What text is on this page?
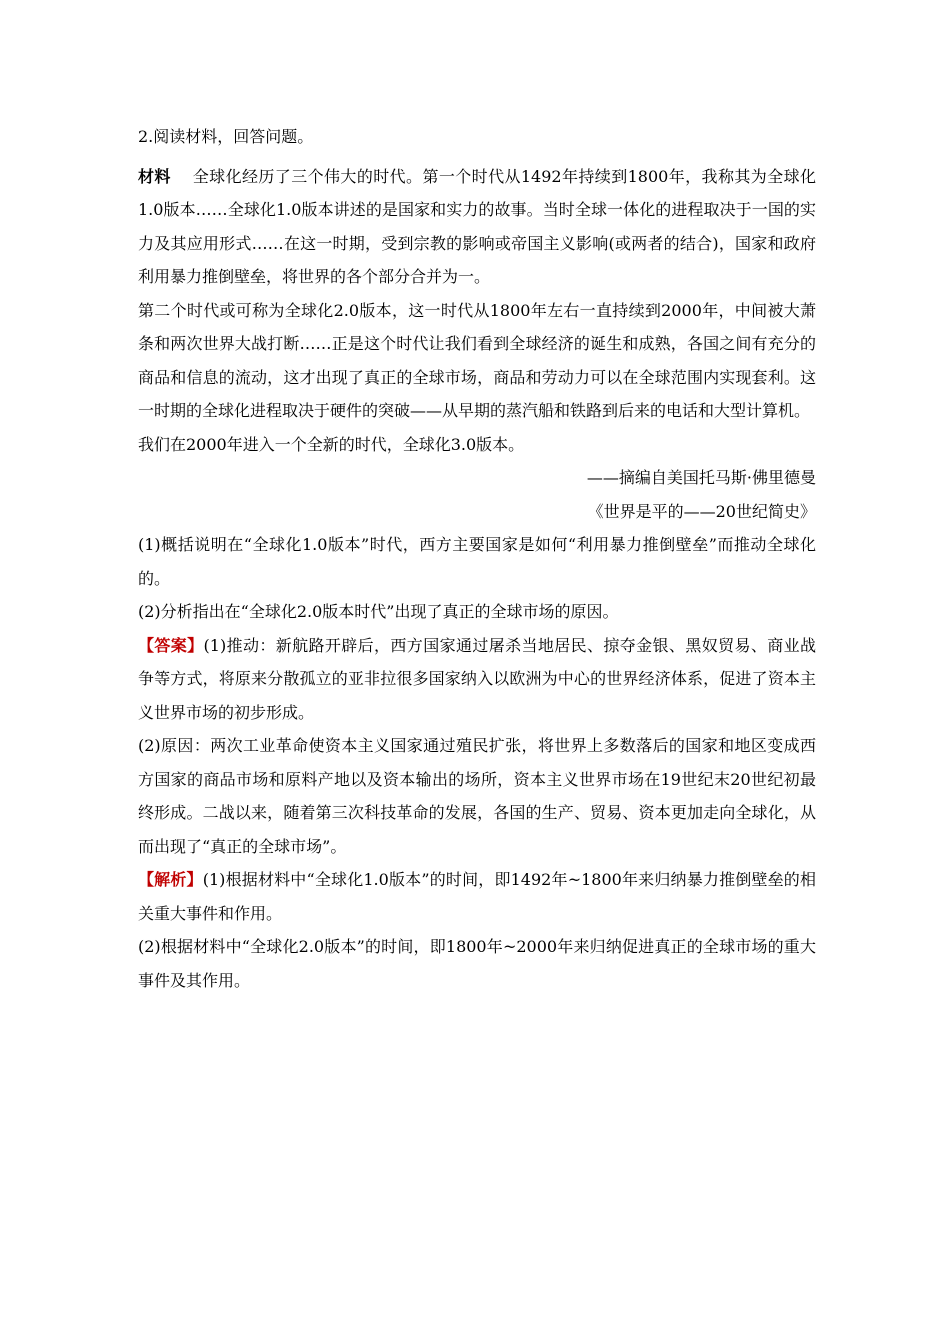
2.阅读材料，回答问题。

材料 全球化经历了三个伟大的时代。第一个时代从1492年持续到1800年，我称其为全球化1.0版本……全球化1.0版本讲述的是国家和实力的故事。当时全球一体化的进程取决于一国的实力及其应用形式……在这一时期，受到宗教的影响或帝国主义影响(或两者的结合)，国家和政府利用暴力推倒壁垒，将世界的各个部分合并为一。

第二个时代或可称为全球化2.0版本，这一时代从1800年左右一直持续到2000年，中间被大萧条和两次世界大战打断……正是这个时代让我们看到全球经济的诞生和成熟，各国之间有充分的商品和信息的流动，这才出现了真正的全球市场，商品和劳动力可以在全球范围内实现套利。这一时期的全球化进程取决于硬件的突破——从早期的蒸汽船和铁路到后来的电话和大型计算机。

我们在2000年进入一个全新的时代，全球化3.0版本。

——摘编自美国托马斯·佛里德曼

《世界是平的——20世纪简史》

(1)概括说明在“全球化1.0版本”时代，西方主要国家是如何“利用暴力推倒壁垒”而推动全球化的。

(2)分析指出在“全球化2.0版本时代”出现了真正的全球市场的原因。

【答案】(1)推动：新航路开辟后，西方国家通过屠杀当地居民、掠夺金银、黑奴贸易、商业战争等方式，将原来分散孤立的亚非拉很多国家纳入以欧洲为中心的世界经济体系，促进了资本主义世界市场的初步形成。

(2)原因：两次工业革命使资本主义国家通过殖民扩张，将世界上多数落后的国家和地区变成西方国家的商品市场和原料产地以及资本输出的场所，资本主义世界市场在19世纪末20世纪初最终形成。二战以来，随着第三次科技革命的发展，各国的生产、贸易、资本更加走向全球化，从而出现了“真正的全球市场”。

【解析】(1)根据材料中“全球化1.0版本”的时间，即1492年~1800年来归纳暴力推倒壁垒的相关重大事件和作用。

(2)根据材料中“全球化2.0版本”的时间，即1800年~2000年来归纳促进真正的全球市场的重大事件及其作用。
